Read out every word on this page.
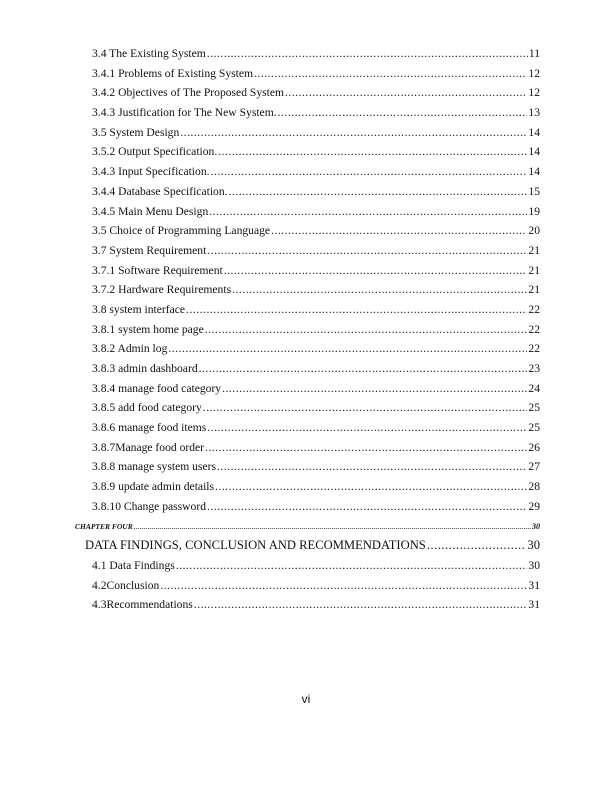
3.4 The Existing System .....	11
3.4.1 Problems of Existing System .....	12
3.4.2 Objectives of The Proposed System .....	12
3.4.3 Justification for The New System. .....	13
3.5 System Design .....	14
3.5.2 Output Specification. .....	14
3.4.3 Input Specification. .....	14
3.4.4 Database Specification. .....	15
3.4.5 Main Menu Design .....	19
3.5 Choice of Programming Language .....	20
3.7 System Requirement .....	21
3.7.1 Software Requirement .....	21
3.7.2 Hardware Requirements .....	21
3.8 system interface .....	22
3.8.1 system home page .....	22
3.8.2 Admin log .....	22
3.8.3 admin dashboard .....	23
3.8.4 manage food category .....	24
3.8.5 add food category .....	25
3.8.6 manage food items .....	25
3.8.7Manage food order .....	26
3.8.8 manage system users .....	27
3.8.9 update admin details .....	28
3.8.10 Change password .....	29
CHAPTER FOUR .....	30
DATA FINDINGS, CONCLUSION AND RECOMMENDATIONS .....	30
4.1 Data Findings .....	30
4.2Conclusion .....	31
4.3Recommendations .....	31
vi
